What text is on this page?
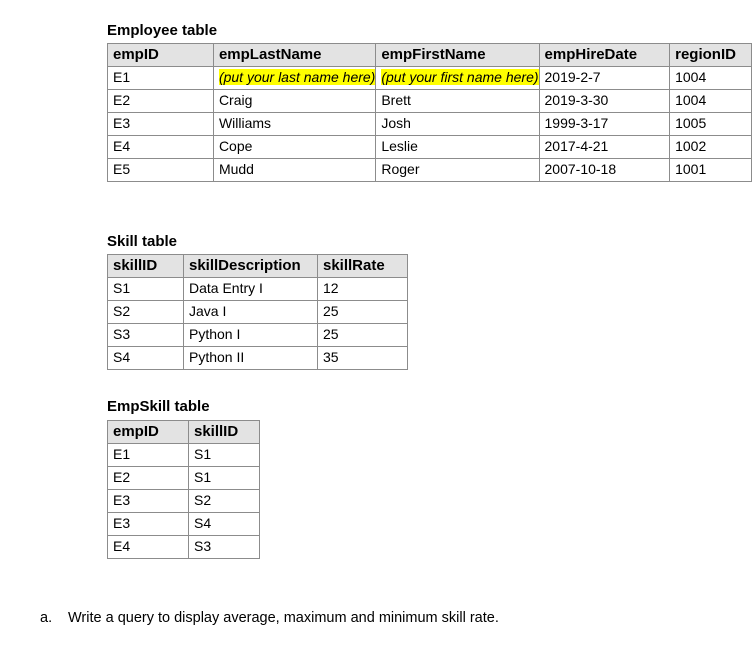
Employee table
empID	empLastName	empFirstName	empHireDate	regionID
E1	(put your last name here)	(put your first name here)	2019-2-7	1004
E2	Craig	Brett	2019-3-30	1004
E3	Williams	Josh	1999-3-17	1005
E4	Cope	Leslie	2017-4-21	1002
E5	Mudd	Roger	2007-10-18	1001
Skill table
skillID	skillDescription	skillRate
S1	Data Entry I	12
S2	Java I	25
S3	Python I	25
S4	Python II	35
EmpSkill table
empID	skillID
E1	S1
E2	S1
E3	S2
E3	S4
E4	S3
a. Write a query to display average, maximum and minimum skill rate.
